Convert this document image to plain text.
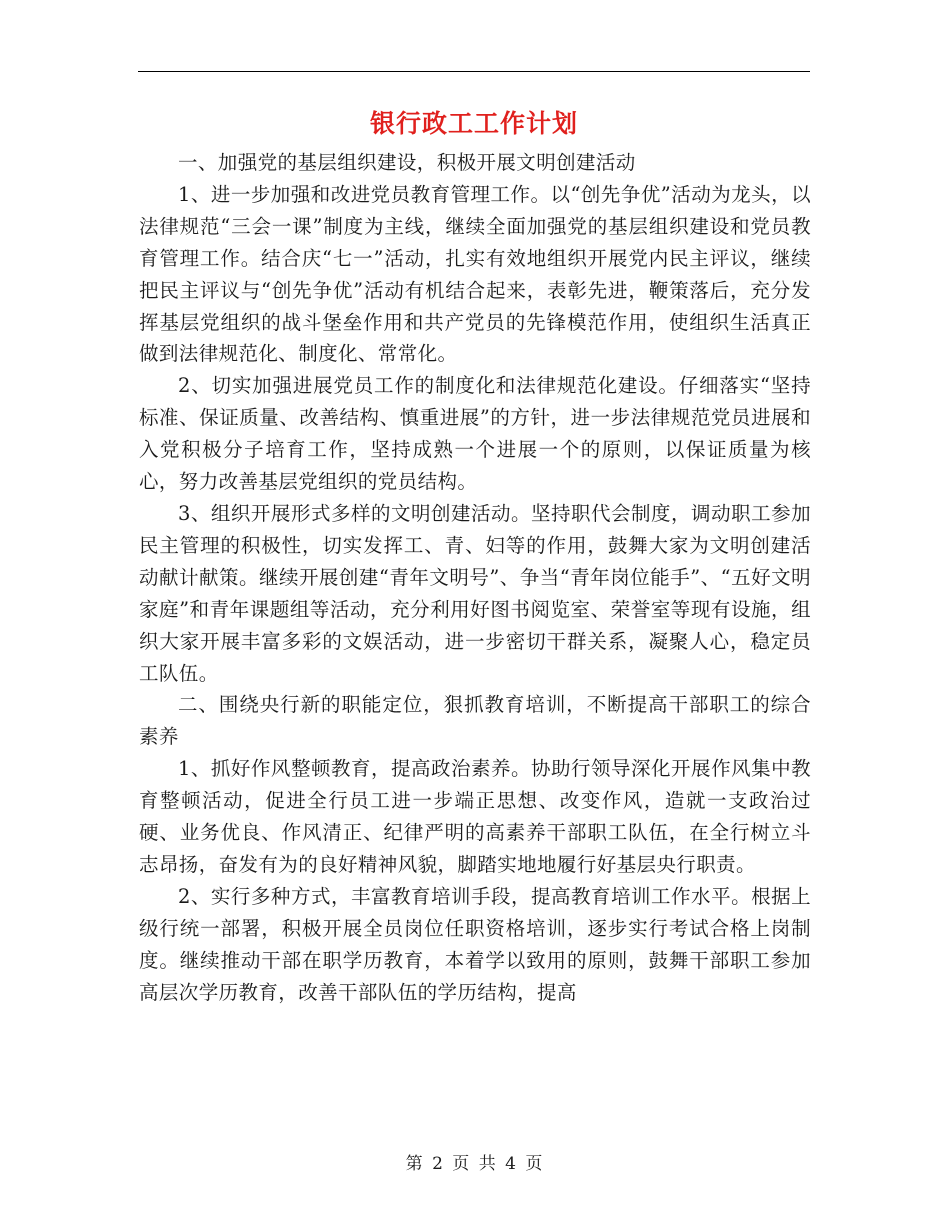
银行政工工作计划

一、加强党的基层组织建设，积极开展文明创建活动

1、进一步加强和改进党员教育管理工作。以“创先争优”活动为龙头，以法律规范“三会一课”制度为主线，继续全面加强党的基层组织建设和党员教育管理工作。结合庆“七一”活动，扎实有效地组织开展党内民主评议，继续把民主评议与“创先争优”活动有机结合起来，表彰先进，鞭策落后，充分发挥基层党组织的战斗堡垒作用和共产党员的先锋模范作用，使组织生活真正做到法律规范化、制度化、常常化。

2、切实加强进展党员工作的制度化和法律规范化建设。仔细落实“坚持标准、保证质量、改善结构、慎重进展”的方针，进一步法律规范党员进展和入党积极分子培育工作，坚持成熟一个进展一个的原则，以保证质量为核心，努力改善基层党组织的党员结构。

3、组织开展形式多样的文明创建活动。坚持职代会制度，调动职工参加民主管理的积极性，切实发挥工、青、妇等的作用，鼓舞大家为文明创建活动献计献策。继续开展创建“青年文明号”、争当“青年岗位能手”、“五好文明家庭”和青年课题组等活动，充分利用好图书阅览室、荣誉室等现有设施，组织大家开展丰富多彩的文娱活动，进一步密切干群关系，凝聚人心，稳定员工队伍。

二、围绕央行新的职能定位，狠抓教育培训，不断提高干部职工的综合素养

1、抓好作风整顿教育，提高政治素养。协助行领导深化开展作风集中教育整顿活动，促进全行员工进一步端正思想、改变作风，造就一支政治过硬、业务优良、作风清正、纪律严明的高素养干部职工队伍，在全行树立斗志昂扬，奋发有为的良好精神风貌，脚踏实地地履行好基层央行职责。

2、实行多种方式，丰富教育培训手段，提高教育培训工作水平。根据上级行统一部署，积极开展全员岗位任职资格培训，逐步实行考试合格上岗制度。继续推动干部在职学历教育，本着学以致用的原则，鼓舞干部职工参加高层次学历教育，改善干部队伍的学历结构，提高

第 2 页 共 4 页
